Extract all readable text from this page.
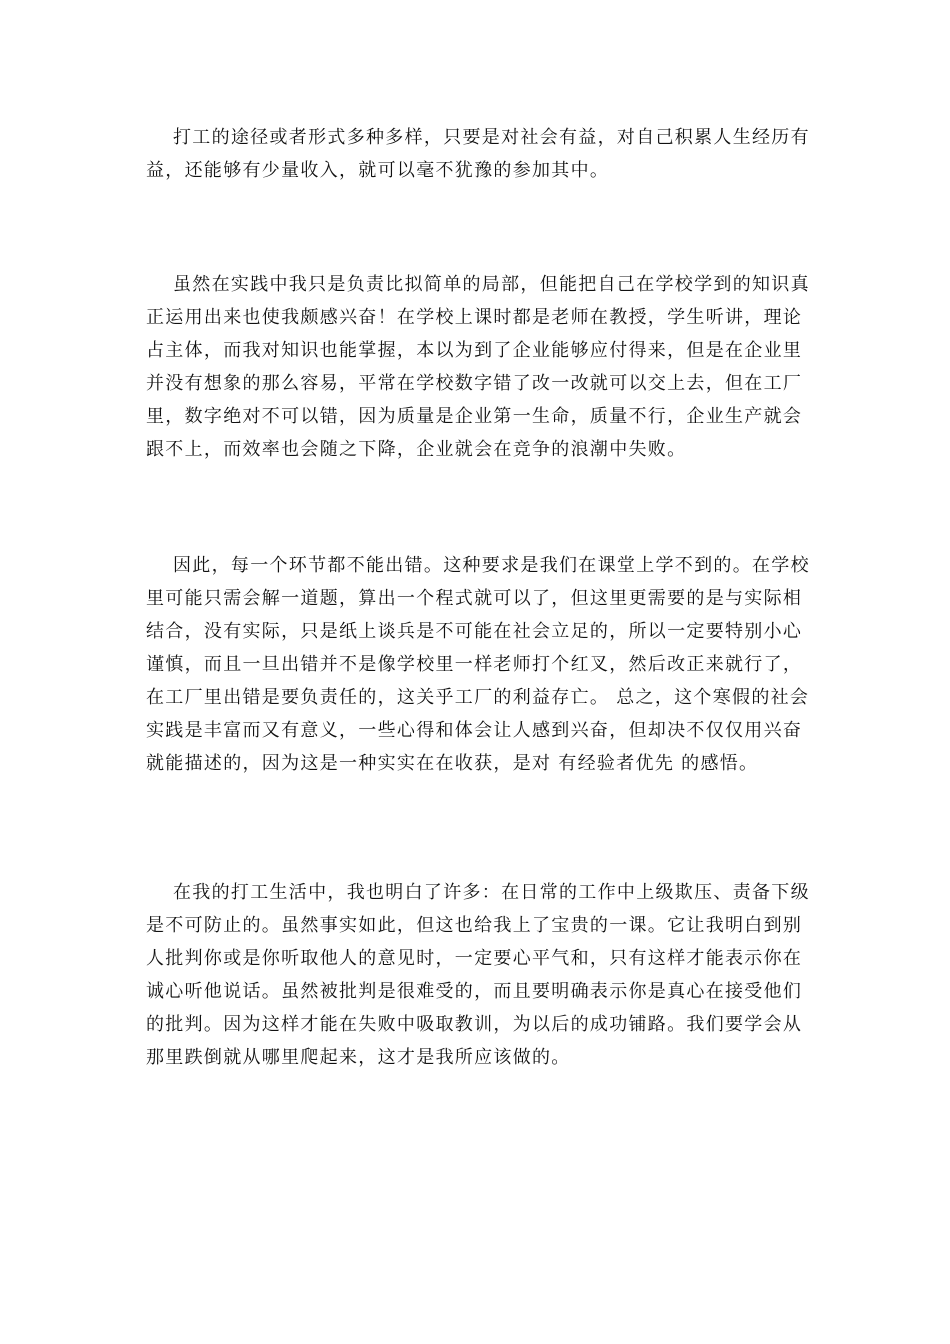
打工的途径或者形式多种多样，只要是对社会有益，对自己积累人生经历有
益，还能够有少量收入，就可以毫不犹豫的参加其中。

虽然在实践中我只是负责比拟简单的局部，但能把自己在学校学到的知识真
正运用出来也使我颇感兴奋！在学校上课时都是老师在教授，学生听讲，理论
占主体，而我对知识也能掌握，本以为到了企业能够应付得来，但是在企业里
并没有想象的那么容易，平常在学校数字错了改一改就可以交上去，但在工厂
里，数字绝对不可以错，因为质量是企业第一生命，质量不行，企业生产就会
跟不上，而效率也会随之下降，企业就会在竞争的浪潮中失败。

因此，每一个环节都不能出错。这种要求是我们在课堂上学不到的。在学校
里可能只需会解一道题，算出一个程式就可以了，但这里更需要的是与实际相
结合，没有实际，只是纸上谈兵是不可能在社会立足的，所以一定要特别小心
谨慎，而且一旦出错并不是像学校里一样老师打个红叉，然后改正来就行了，
在工厂里出错是要负责任的，这关乎工厂的利益存亡。 总之，这个寒假的社会
实践是丰富而又有意义，一些心得和体会让人感到兴奋，但却决不仅仅用兴奋
就能描述的，因为这是一种实实在在收获，是对 有经验者优先 的感悟。

在我的打工生活中，我也明白了许多：在日常的工作中上级欺压、责备下级
是不可防止的。虽然事实如此，但这也给我上了宝贵的一课。它让我明白到别
人批判你或是你听取他人的意见时，一定要心平气和，只有这样才能表示你在
诚心听他说话。虽然被批判是很难受的，而且要明确表示你是真心在接受他们
的批判。因为这样才能在失败中吸取教训，为以后的成功铺路。我们要学会从
那里跌倒就从哪里爬起来，这才是我所应该做的。
